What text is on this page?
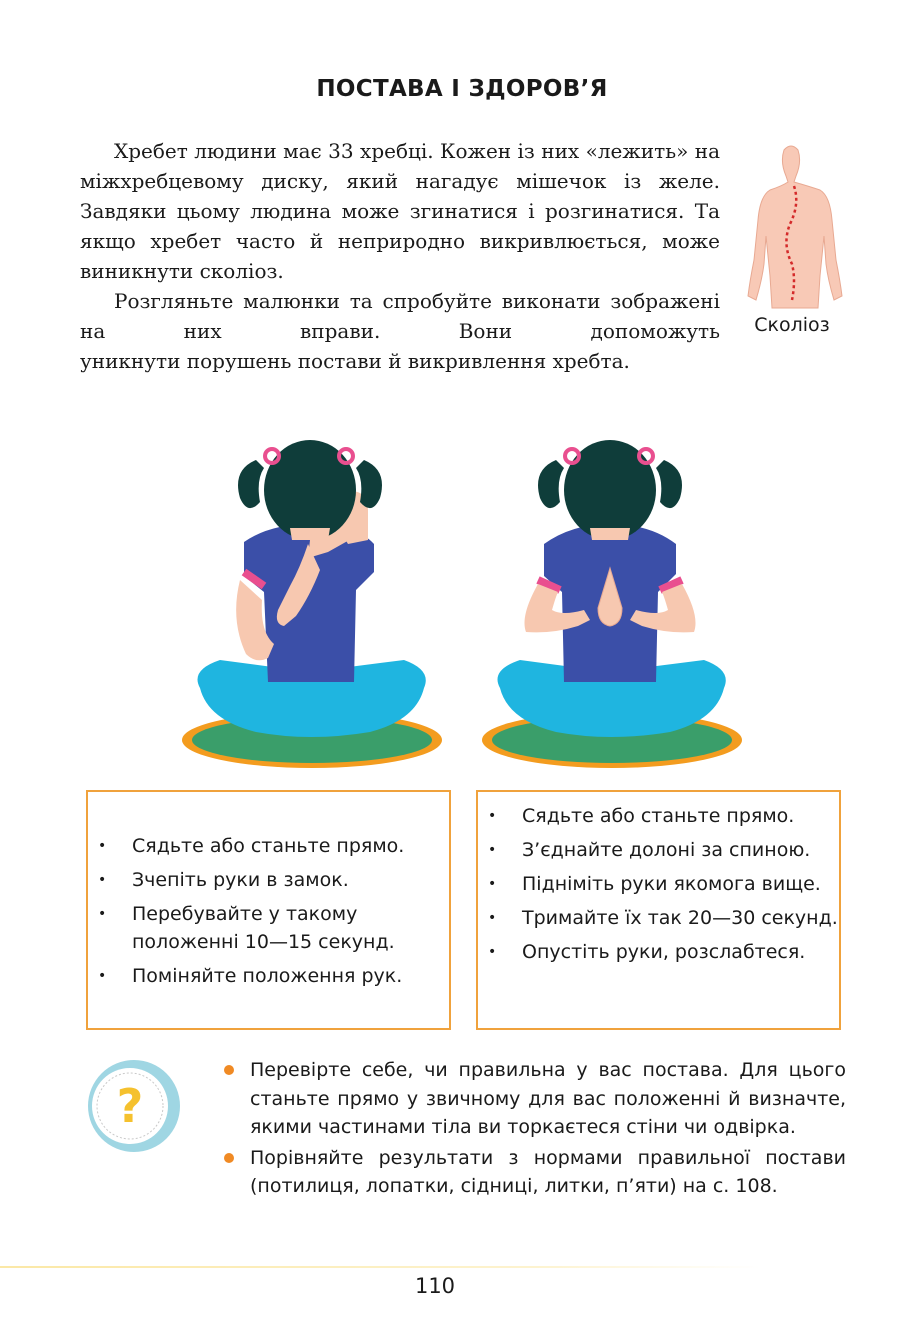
ПОСТАВА І ЗДОРОВ’Я

Хребет людини має 33 хребці. Кожен із них «лежить» на міжхребцевому диску, який нагадує мішечок із желе. Завдяки цьому людина може згинатися і розгинатися. Та якщо хребет часто й неприродно викривлюється, може виникнути сколіоз.

Розгляньте малюнки та спробуйте виконати зображені на них вправи. Вони допоможуть уникнути порушень постави й викривлення хребта.

Сколіоз
• Сядьте або станьте прямо.
• Зчепіть руки в замок.
• Перебувайте у такому положенні 10—15 секунд.
• Поміняйте положення рук.
• Сядьте або станьте прямо.
• З’єднайте долоні за спиною.
• Підніміть руки якомога вище.
• Тримайте їх так 20—30 секунд.
• Опустіть руки, розслабтеся.
?
Перевірте себе, чи правильна у вас постава. Для цього станьте прямо у звичному для вас положенні й визначте, якими частинами тіла ви торкаєтеся стіни чи одвірка.
Порівняйте результати з нормами правильної постави (потилиця, лопатки, сідниці, литки, п’яти) на с. 108.
110
